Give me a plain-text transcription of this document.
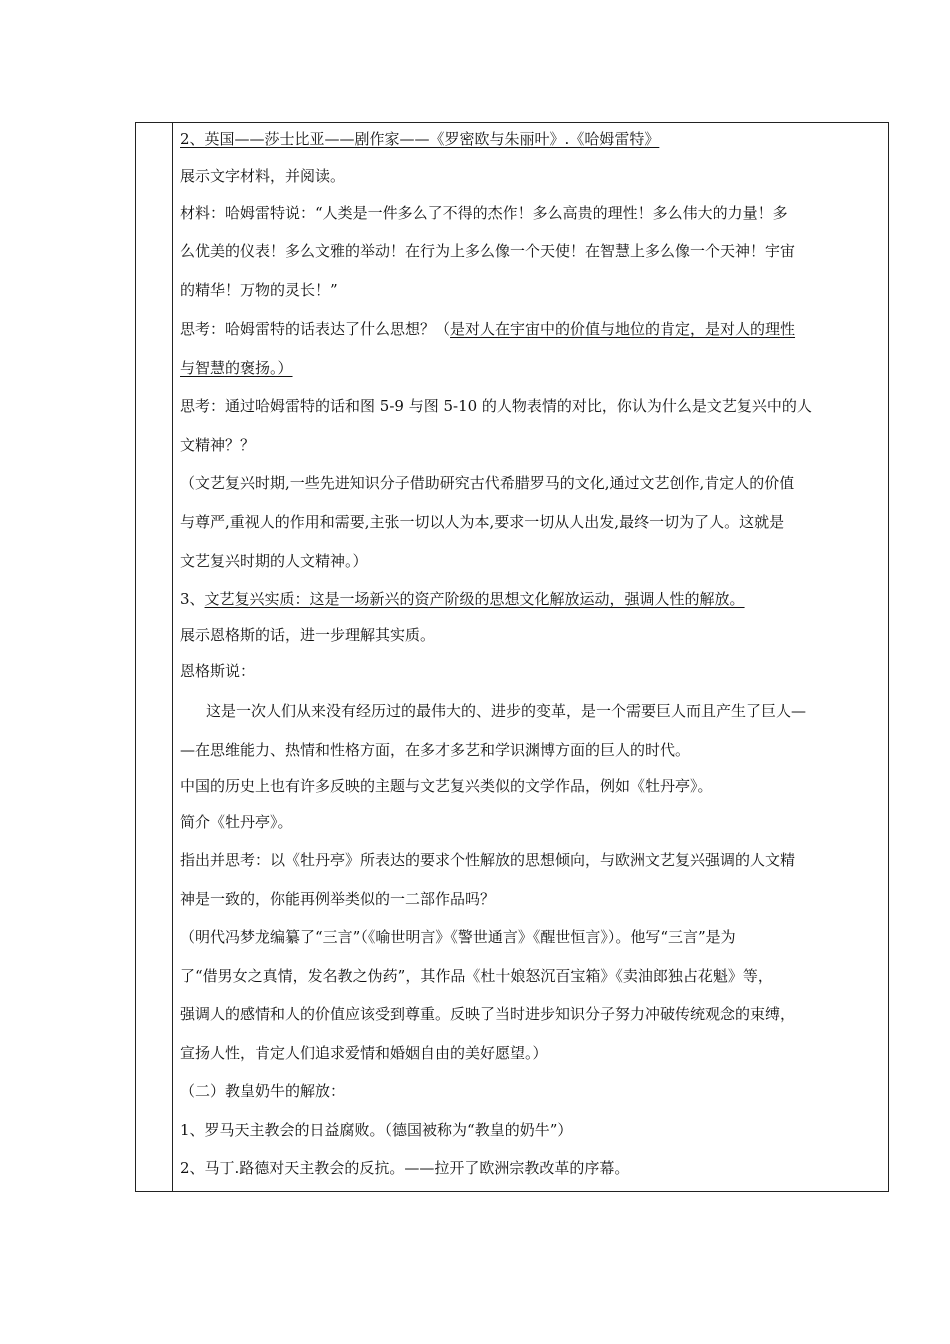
2、英国——莎士比亚——剧作家——《罗密欧与朱丽叶》.《哈姆雷特》
展示文字材料，并阅读。
材料：哈姆雷特说：“人类是一件多么了不得的杰作！多么高贵的理性！多么伟大的力量！多
么优美的仪表！多么文雅的举动！在行为上多么像一个天使！在智慧上多么像一个天神！宇宙
的精华！万物的灵长！”
思考：哈姆雷特的话表达了什么思想？（是对人在宇宙中的价值与地位的肯定，是对人的理性
与智慧的褒扬。）
思考：通过哈姆雷特的话和图 5-9 与图 5-10 的人物表情的对比，你认为什么是文艺复兴中的人
文精神？？
（文艺复兴时期,一些先进知识分子借助研究古代希腊罗马的文化,通过文艺创作,肯定人的价值
与尊严,重视人的作用和需要,主张一切以人为本,要求一切从人出发,最终一切为了人。这就是
文艺复兴时期的人文精神。）
3、文艺复兴实质：这是一场新兴的资产阶级的思想文化解放运动，强调人性的解放。
展示恩格斯的话，进一步理解其实质。
恩格斯说：
这是一次人们从来没有经历过的最伟大的、进步的变革，是一个需要巨人而且产生了巨人—
—在思维能力、热情和性格方面，在多才多艺和学识渊博方面的巨人的时代。
中国的历史上也有许多反映的主题与文艺复兴类似的文学作品，例如《牡丹亭》。
简介《牡丹亭》。
指出并思考：以《牡丹亭》所表达的要求个性解放的思想倾向，与欧洲文艺复兴强调的人文精
神是一致的，你能再例举类似的一二部作品吗？
（明代冯梦龙编纂了“三言”（《喻世明言》《警世通言》《醒世恒言》）。他写“三言”是为
了“借男女之真情，发名教之伪药”，其作品《杜十娘怒沉百宝箱》《卖油郎独占花魁》等，
强调人的感情和人的价值应该受到尊重。反映了当时进步知识分子努力冲破传统观念的束缚，
宣扬人性，肯定人们追求爱情和婚姻自由的美好愿望。）
（二）教皇奶牛的解放：
1、罗马天主教会的日益腐败。（德国被称为“教皇的奶牛”）
2、马丁.路德对天主教会的反抗。——拉开了欧洲宗教改革的序幕。
